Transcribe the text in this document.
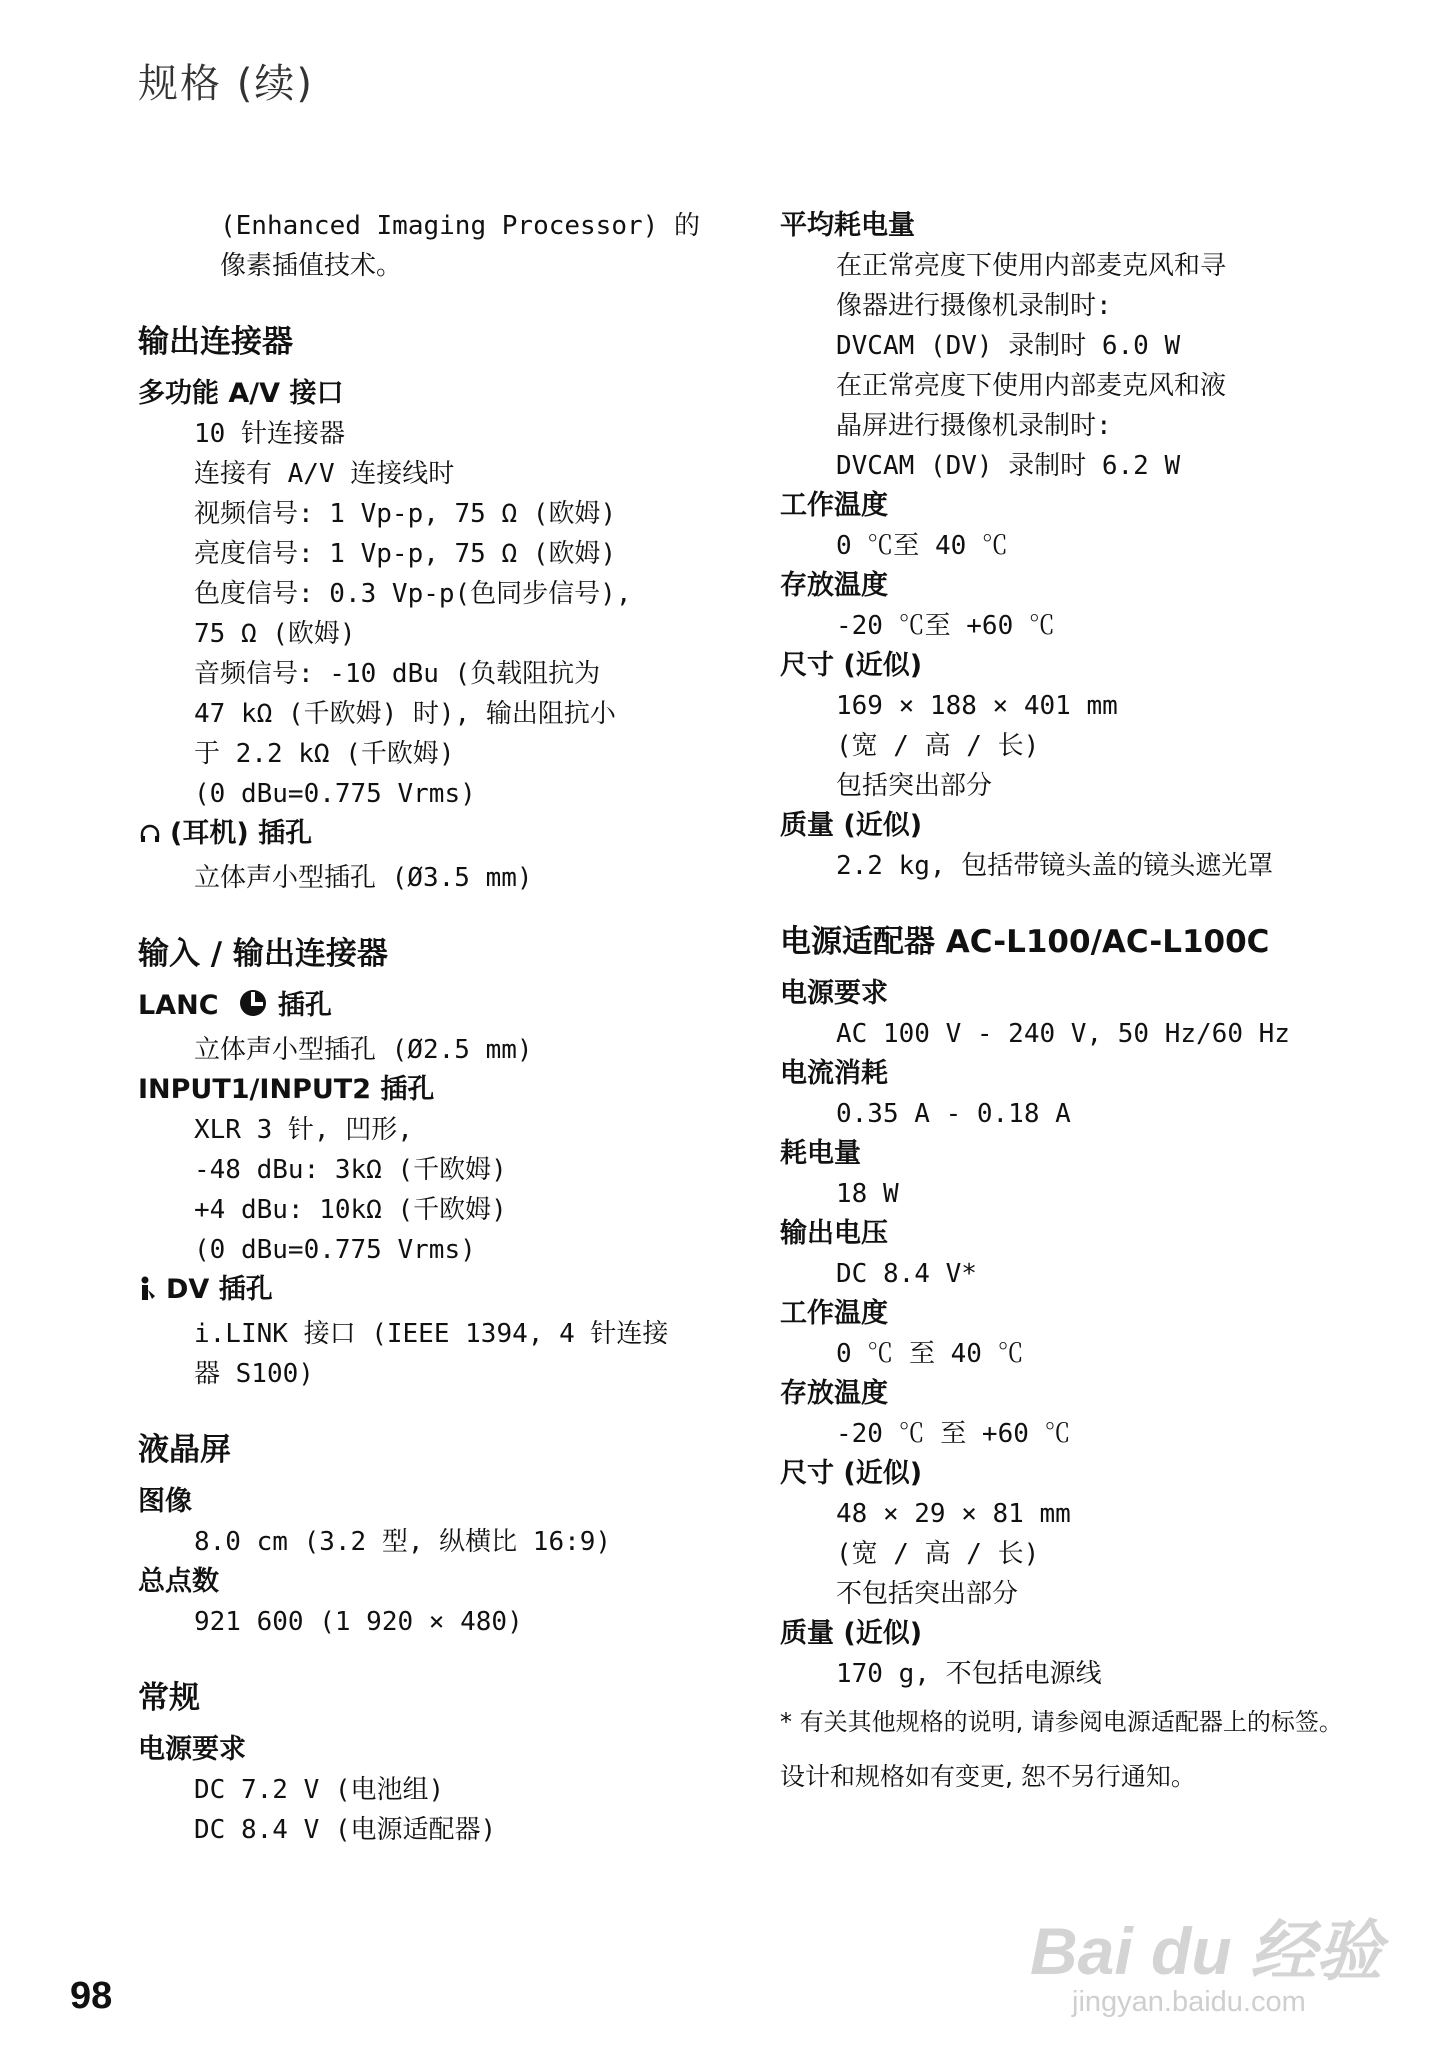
规格 (续)
(Enhanced Imaging Processor) 的
像素插值技术。
输出连接器
多功能 A/V 接口
10 针连接器
连接有 A/V 连接线时
视频信号: 1 Vp-p, 75 Ω (欧姆)
亮度信号: 1 Vp-p, 75 Ω (欧姆)
色度信号: 0.3 Vp-p(色同步信号),
75 Ω (欧姆)
音频信号: -10 dBu (负载阻抗为
47 kΩ (千欧姆) 时), 输出阻抗小
于 2.2 kΩ (千欧姆)
(0 dBu=0.775 Vrms)
(耳机) 插孔
立体声小型插孔 (Ø3.5 mm)
输入 / 输出连接器
LANC 插孔
立体声小型插孔 (Ø2.5 mm)
INPUT1/INPUT2 插孔
XLR 3 针, 凹形,
-48 dBu: 3kΩ (千欧姆)
+4 dBu: 10kΩ (千欧姆)
(0 dBu=0.775 Vrms)
DV 插孔
i.LINK 接口 (IEEE 1394, 4 针连接
器 S100)
液晶屏
图像
8.0 cm (3.2 型, 纵横比 16:9)
总点数
921 600 (1 920 × 480)
常规
电源要求
DC 7.2 V (电池组)
DC 8.4 V (电源适配器)
平均耗电量
在正常亮度下使用内部麦克风和寻
像器进行摄像机录制时:
DVCAM (DV) 录制时 6.0 W
在正常亮度下使用内部麦克风和液
晶屏进行摄像机录制时:
DVCAM (DV) 录制时 6.2 W
工作温度
0 ℃至 40 ℃
存放温度
-20 ℃至 +60 ℃
尺寸 (近似)
169 × 188 × 401 mm
(宽 / 高 / 长)
包括突出部分
质量 (近似)
2.2 kg, 包括带镜头盖的镜头遮光罩
电源适配器 AC-L100/AC-L100C
电源要求
AC 100 V - 240 V, 50 Hz/60 Hz
电流消耗
0.35 A - 0.18 A
耗电量
18 W
输出电压
DC 8.4 V*
工作温度
0 ℃ 至 40 ℃
存放温度
-20 ℃ 至 +60 ℃
尺寸 (近似)
48 × 29 × 81 mm
(宽 / 高 / 长)
不包括突出部分
质量 (近似)
170 g, 不包括电源线
* 有关其他规格的说明, 请参阅电源适配器上的标签。
设计和规格如有变更, 恕不另行通知。
98
Bai du 经验
jingyan.baidu.com
